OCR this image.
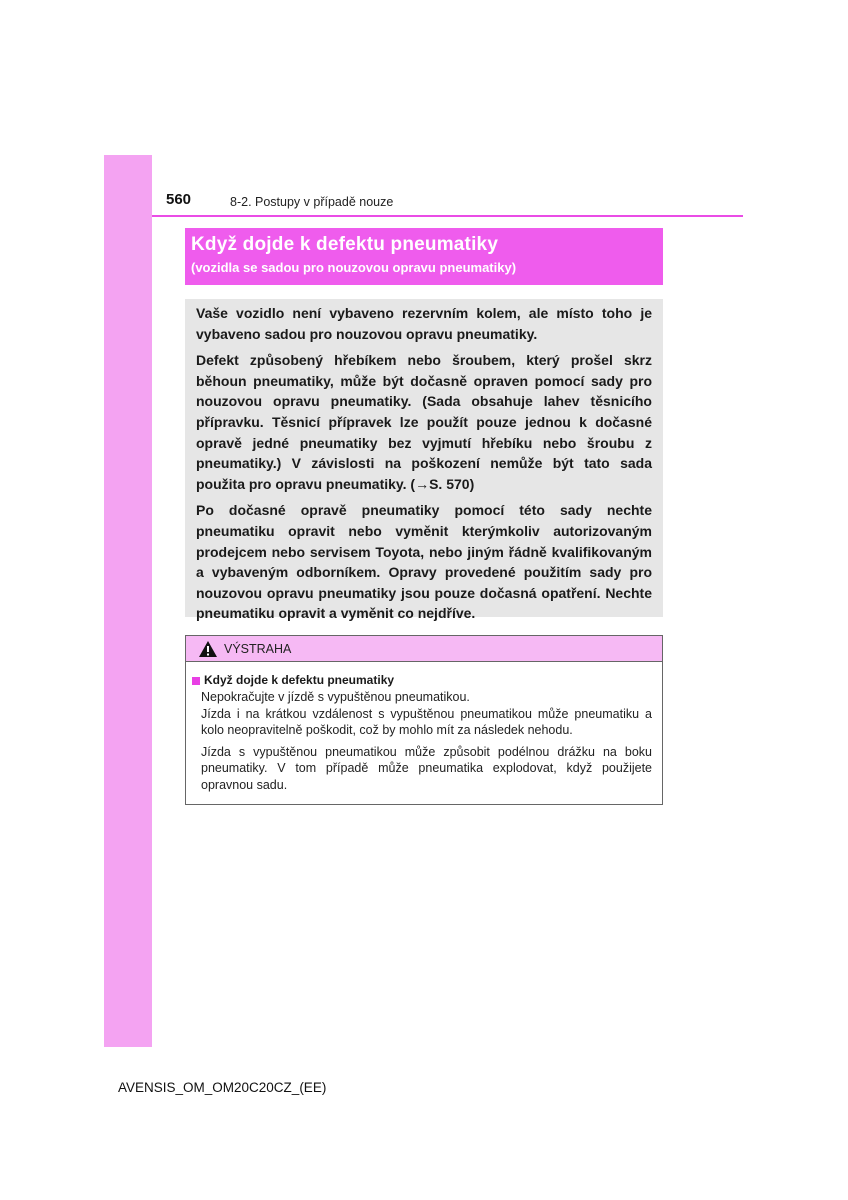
560	8-2. Postupy v případě nouze
Když dojde k defektu pneumatiky
(vozidla se sadou pro nouzovou opravu pneumatiky)

Vaše vozidlo není vybaveno rezervním kolem, ale místo toho je vybaveno sadou pro nouzovou opravu pneumatiky.

Defekt způsobený hřebíkem nebo šroubem, který prošel skrz běhoun pneumatiky, může být dočasně opraven pomocí sady pro nouzovou opravu pneumatiky. (Sada obsahuje lahev těsnicího přípravku. Těsnicí přípravek lze použít pouze jednou k dočasné opravě jedné pneumatiky bez vyjmutí hřebíku nebo šroubu z pneumatiky.) V závislosti na poškození nemůže být tato sada použita pro opravu pneumatiky. (→S. 570)

Po dočasné opravě pneumatiky pomocí této sady nechte pneumatiku opravit nebo vyměnit kterýmkoliv autorizovaným prodejcem nebo servisem Toyota, nebo jiným řádně kvalifikovaným a vybaveným odborníkem. Opravy provedené použitím sady pro nouzovou opravu pneumatiky jsou pouze dočasná opatření. Nechte pneumatiku opravit a vyměnit co nejdříve.

VÝSTRAHA
Když dojde k defektu pneumatiky

Nepokračujte v jízdě s vypuštěnou pneumatikou.

Jízda i na krátkou vzdálenost s vypuštěnou pneumatikou může pneumatiku a kolo neopravitelně poškodit, což by mohlo mít za následek nehodu.

Jízda s vypuštěnou pneumatikou může způsobit podélnou drážku na boku pneumatiky. V tom případě může pneumatika explodovat, když použijete opravnou sadu.

AVENSIS_OM_OM20C20CZ_(EE)
